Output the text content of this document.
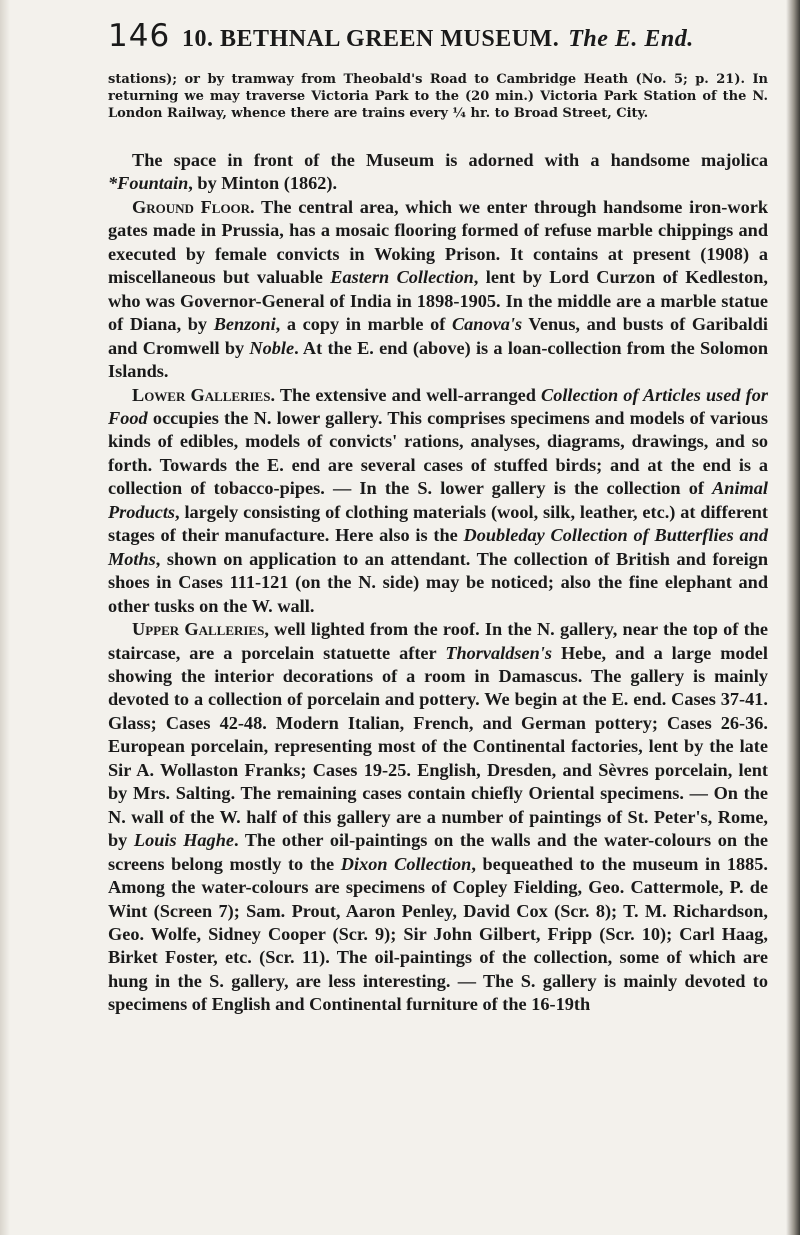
146 10. BETHNAL GREEN MUSEUM. The E. End.
stations); or by tramway from Theobald's Road to Cambridge Heath (No. 5; p. 21). In returning we may traverse Victoria Park to the (20 min.) Victoria Park Station of the N. London Railway, whence there are trains every ¼ hr. to Broad Street, City.

The space in front of the Museum is adorned with a handsome majolica *Fountain, by Minton (1862).

Ground Floor. The central area, which we enter through handsome iron-work gates made in Prussia, has a mosaic flooring formed of refuse marble chippings and executed by female convicts in Woking Prison. It contains at present (1908) a miscellaneous but valuable Eastern Collection, lent by Lord Curzon of Kedleston, who was Governor-General of India in 1898-1905. In the middle are a marble statue of Diana, by Benzoni, a copy in marble of Canova's Venus, and busts of Garibaldi and Cromwell by Noble. At the E. end (above) is a loan-collection from the Solomon Islands.

Lower Galleries. The extensive and well-arranged Collection of Articles used for Food occupies the N. lower gallery. This comprises specimens and models of various kinds of edibles, models of convicts' rations, analyses, diagrams, drawings, and so forth. Towards the E. end are several cases of stuffed birds; and at the end is a collection of tobacco-pipes. — In the S. lower gallery is the collection of Animal Products, largely consisting of clothing materials (wool, silk, leather, etc.) at different stages of their manufacture. Here also is the Doubleday Collection of Butterflies and Moths, shown on application to an attendant. The collection of British and foreign shoes in Cases 111-121 (on the N. side) may be noticed; also the fine elephant and other tusks on the W. wall.

Upper Galleries, well lighted from the roof. In the N. gallery, near the top of the staircase, are a porcelain statuette after Thorvaldsen's Hebe, and a large model showing the interior decorations of a room in Damascus. The gallery is mainly devoted to a collection of porcelain and pottery. We begin at the E. end. Cases 37-41. Glass; Cases 42-48. Modern Italian, French, and German pottery; Cases 26-36. European porcelain, representing most of the Continental factories, lent by the late Sir A. Wollaston Franks; Cases 19-25. English, Dresden, and Sèvres porcelain, lent by Mrs. Salting. The remaining cases contain chiefly Oriental specimens. — On the N. wall of the W. half of this gallery are a number of paintings of St. Peter's, Rome, by Louis Haghe. The other oil-paintings on the walls and the water-colours on the screens belong mostly to the Dixon Collection, bequeathed to the museum in 1885. Among the water-colours are specimens of Copley Fielding, Geo. Cattermole, P. de Wint (Screen 7); Sam. Prout, Aaron Penley, David Cox (Scr. 8); T. M. Richardson, Geo. Wolfe, Sidney Cooper (Scr. 9); Sir John Gilbert, Fripp (Scr. 10); Carl Haag, Birket Foster, etc. (Scr. 11). The oil-paintings of the collection, some of which are hung in the S. gallery, are less interesting. — The S. gallery is mainly devoted to specimens of English and Continental furniture of the 16-19th
